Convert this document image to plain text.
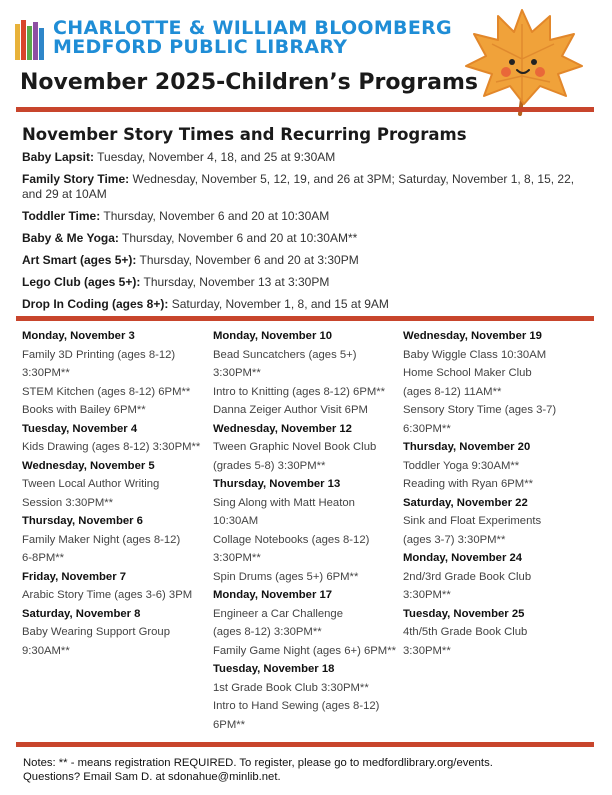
CHARLOTTE & WILLIAM BLOOMBERG
MEDFORD PUBLIC LIBRARY
November 2025-Children’s Programs
November Story Times and Recurring Programs
Baby Lapsit: Tuesday, November 4, 18, and 25 at 9:30AM
Family Story Time: Wednesday, November 5, 12, 19, and 26 at 3PM; Saturday, November 1, 8, 15, 22, and 29 at 10AM
Toddler Time: Thursday, November 6 and 20 at 10:30AM
Baby & Me Yoga: Thursday, November 6 and 20 at 10:30AM**
Art Smart (ages 5+): Thursday, November 6 and 20 at 3:30PM
Lego Club (ages 5+): Thursday, November 13 at 3:30PM
Drop In Coding (ages 8+): Saturday, November 1, 8, and 15 at 9AM
Monday, November 3
Family 3D Printing (ages 8-12)
3:30PM**
STEM Kitchen (ages 8-12) 6PM**
Books with Bailey 6PM**
Tuesday, November 4
Kids Drawing (ages 8-12) 3:30PM**
Wednesday, November 5
Tween Local Author Writing
Session 3:30PM**
Thursday, November 6
Family Maker Night (ages 8-12)
6-8PM**
Friday, November 7
Arabic Story Time (ages 3-6) 3PM
Saturday, November 8
Baby Wearing Support Group
9:30AM**
Monday, November 10
Bead Suncatchers (ages 5+)
3:30PM**
Intro to Knitting (ages 8-12) 6PM**
Danna Zeiger Author Visit 6PM
Wednesday, November 12
Tween Graphic Novel Book Club
(grades 5-8) 3:30PM**
Thursday, November 13
Sing Along with Matt Heaton
10:30AM
Collage Notebooks (ages 8-12)
3:30PM**
Spin Drums (ages 5+) 6PM**
Monday, November 17
Engineer a Car Challenge
(ages 8-12) 3:30PM**
Family Game Night (ages 6+) 6PM**
Tuesday, November 18
1st Grade Book Club 3:30PM**
Intro to Hand Sewing (ages 8-12)
6PM**
Wednesday, November 19
Baby Wiggle Class 10:30AM
Home School Maker Club
(ages 8-12) 11AM**
Sensory Story Time (ages 3-7)
6:30PM**
Thursday, November 20
Toddler Yoga 9:30AM**
Reading with Ryan 6PM**
Saturday, November 22
Sink and Float Experiments
(ages 3-7) 3:30PM**
Monday, November 24
2nd/3rd Grade Book Club
3:30PM**
Tuesday, November 25
4th/5th Grade Book Club
3:30PM**
Notes: ** - means registration REQUIRED. To register, please go to medfordlibrary.org/events.
Questions? Email Sam D. at sdonahue@minlib.net.
